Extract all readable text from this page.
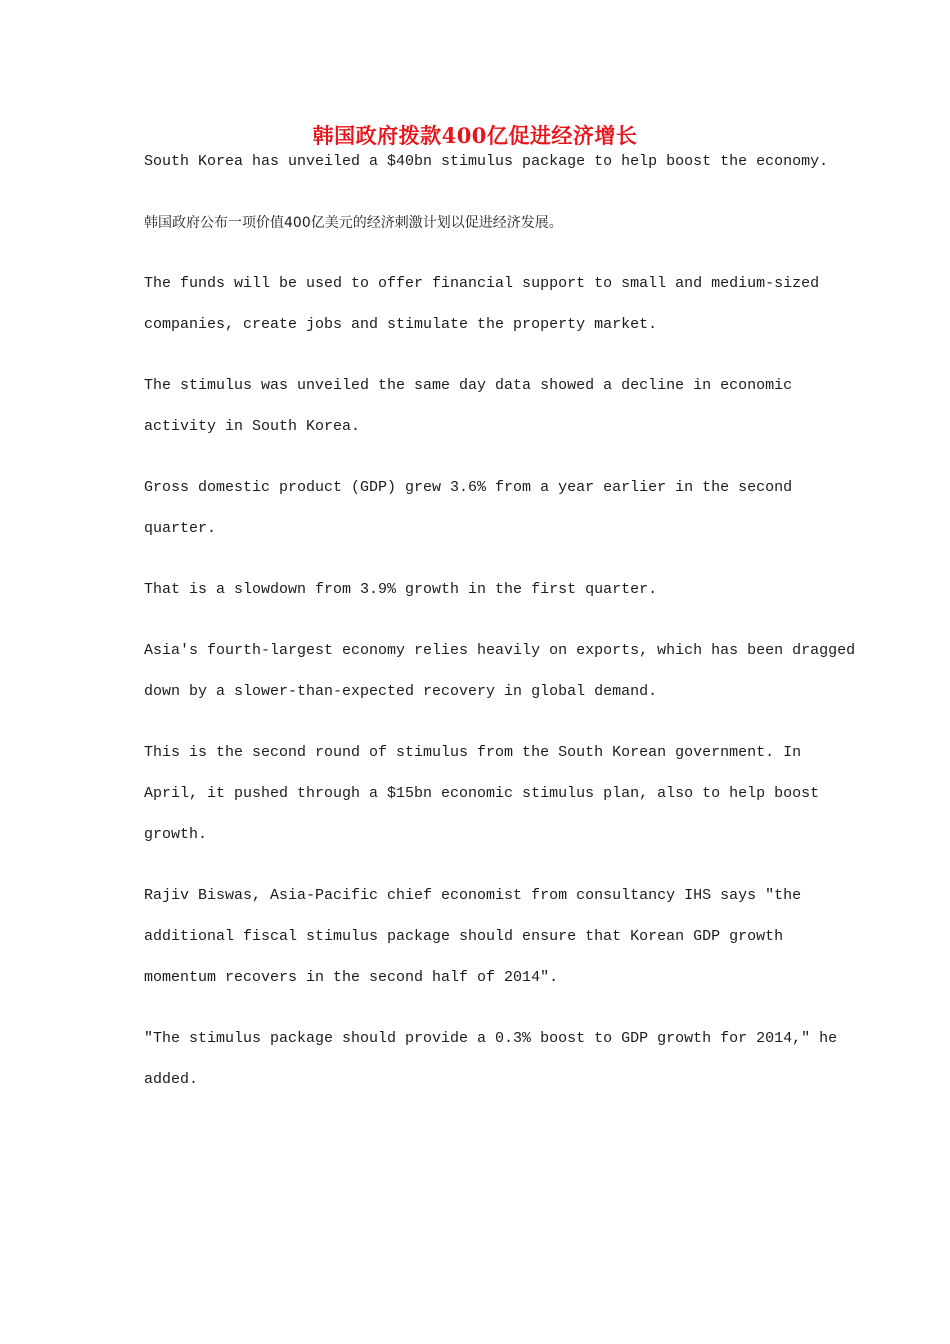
韩国政府拨款400亿促进经济增长

South Korea has unveiled a $40bn stimulus package to help boost the economy.

韩国政府公布一项价值400亿美元的经济刺激计划以促进经济发展。

The funds will be used to offer financial support to small and medium-sized

companies, create jobs and stimulate the property market.

The stimulus was unveiled the same day data showed a decline in economic

activity in South Korea.

Gross domestic product (GDP) grew 3.6% from a year earlier in the second

quarter.

That is a slowdown from 3.9% growth in the first quarter.

Asia's fourth-largest economy relies heavily on exports, which has been dragged

down by a slower-than-expected recovery in global demand.

This is the second round of stimulus from the South Korean government. In

April, it pushed through a $15bn economic stimulus plan, also to help boost

growth.

Rajiv Biswas, Asia-Pacific chief economist from consultancy IHS says "the

additional fiscal stimulus package should ensure that Korean GDP growth

momentum recovers in the second half of 2014".

"The stimulus package should provide a 0.3% boost to GDP growth for 2014," he

added.
